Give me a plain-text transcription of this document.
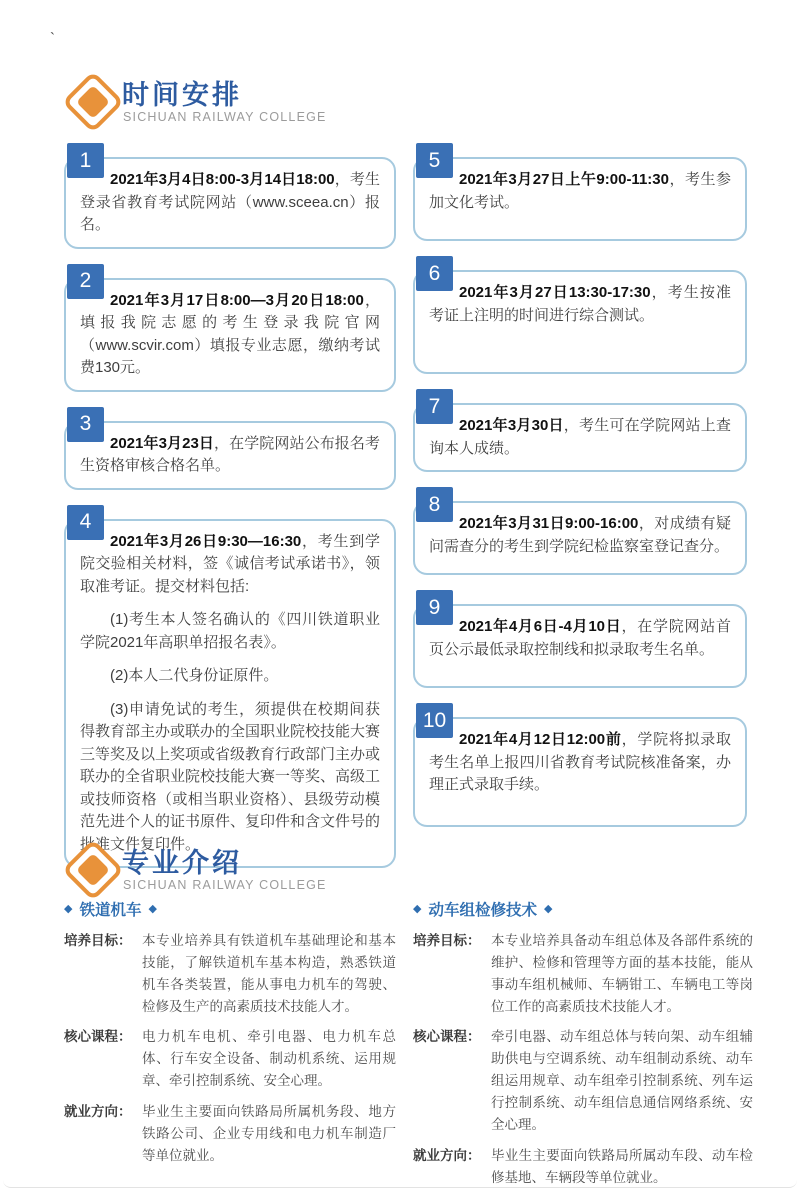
`
时间安排
SICHUAN RAILWAY COLLEGE
1

2021年3月4日8:00-3月14日18:00，考生登录省教育考试院网站（www.sceea.cn）报名。

2

2021年3月17日8:00—3月20日18:00，填报我院志愿的考生登录我院官网（www.scvir.com）填报专业志愿，缴纳考试费130元。

3

2021年3月23日，在学院网站公布报名考生资格审核合格名单。

4

2021年3月26日9:30—16:30，考生到学院交验相关材料，签《诚信考试承诺书》，领取准考证。提交材料包括:

(1)考生本人签名确认的《四川铁道职业学院2021年高职单招报名表》。

(2)本人二代身份证原件。

(3)申请免试的考生，须提供在校期间获得教育部主办或联办的全国职业院校技能大赛三等奖及以上奖项或省级教育行政部门主办或联办的全省职业院校技能大赛一等奖、高级工或技师资格（或相当职业资格）、县级劳动模范先进个人的证书原件、复印件和含文件号的批准文件复印件。

5

2021年3月27日上午9:00-11:30，考生参加文化考试。

6

2021年3月27日13:30-17:30，考生按准考证上注明的时间进行综合测试。

7

2021年3月30日，考生可在学院网站上查询本人成绩。

8

2021年3月31日9:00-16:00，对成绩有疑问需查分的考生到学院纪检监察室登记查分。

9

2021年4月6日-4月10日，在学院网站首页公示最低录取控制线和拟录取考生名单。

10

2021年4月12日12:00前，学院将拟录取考生名单上报四川省教育考试院核准备案，办理正式录取手续。

专业介绍
SICHUAN RAILWAY COLLEGE
◆ 铁道机车 ◆
培养目标： 本专业培养具有铁道机车基础理论和基本技能，了解铁道机车基本构造，熟悉铁道机车各类装置，能从事电力机车的驾驶、检修及生产的高素质技术技能人才。

核心课程： 电力机车电机、牵引电器、电力机车总体、行车安全设备、制动机系统、运用规章、牵引控制系统、安全心理。

就业方向： 毕业生主要面向铁路局所属机务段、地方铁路公司、企业专用线和电力机车制造厂等单位就业。

◆ 动车组检修技术 ◆
培养目标： 本专业培养具备动车组总体及各部件系统的维护、检修和管理等方面的基本技能，能从事动车组机械师、车辆钳工、车辆电工等岗位工作的高素质技术技能人才。

核心课程： 牵引电器、动车组总体与转向架、动车组辅助供电与空调系统、动车组制动系统、动车组运用规章、动车组牵引控制系统、列车运行控制系统、动车组信息通信网络系统、安全心理。

就业方向： 毕业生主要面向铁路局所属动车段、动车检修基地、车辆段等单位就业。
